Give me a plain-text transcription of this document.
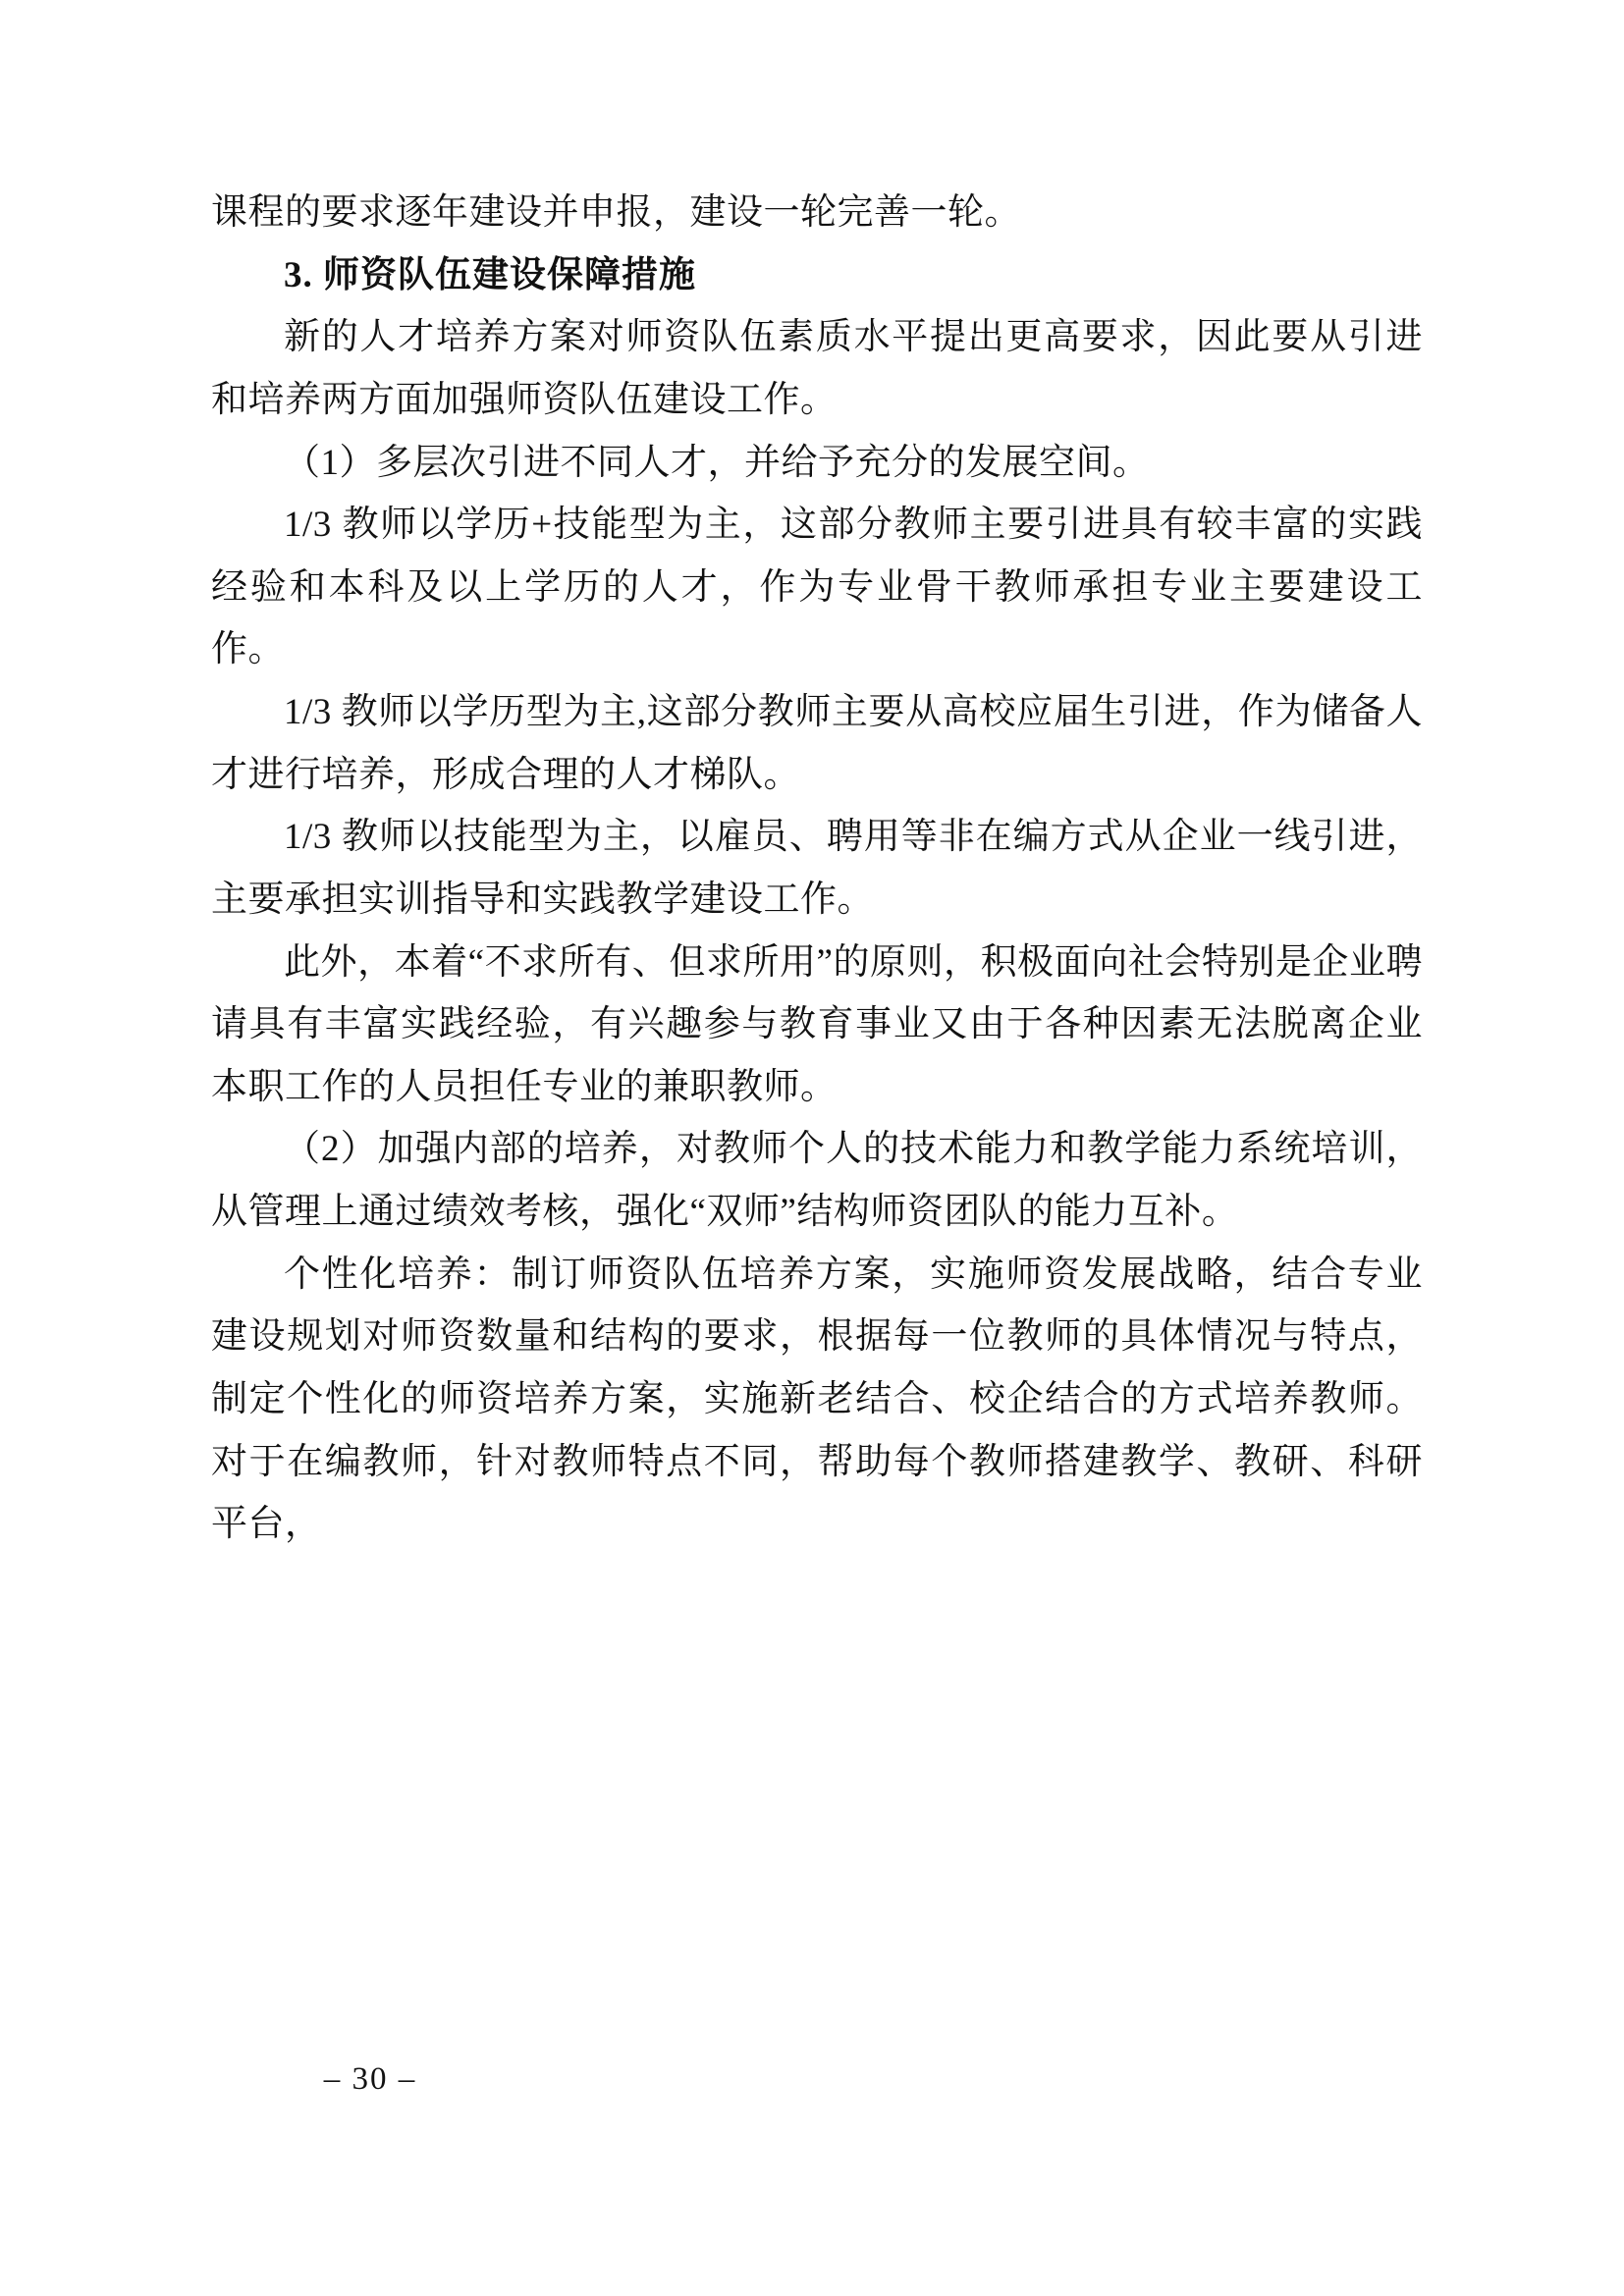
课程的要求逐年建设并申报，建设一轮完善一轮。

3. 师资队伍建设保障措施

新的人才培养方案对师资队伍素质水平提出更高要求，因此要从引进和培养两方面加强师资队伍建设工作。

（1）多层次引进不同人才，并给予充分的发展空间。

1/3 教师以学历+技能型为主，这部分教师主要引进具有较丰富的实践经验和本科及以上学历的人才，作为专业骨干教师承担专业主要建设工作。

1/3 教师以学历型为主,这部分教师主要从高校应届生引进，作为储备人才进行培养，形成合理的人才梯队。

1/3 教师以技能型为主，以雇员、聘用等非在编方式从企业一线引进，主要承担实训指导和实践教学建设工作。

此外，本着“不求所有、但求所用”的原则，积极面向社会特别是企业聘请具有丰富实践经验，有兴趣参与教育事业又由于各种因素无法脱离企业本职工作的人员担任专业的兼职教师。

（2）加强内部的培养，对教师个人的技术能力和教学能力系统培训，从管理上通过绩效考核，强化“双师”结构师资团队的能力互补。

个性化培养：制订师资队伍培养方案，实施师资发展战略，结合专业建设规划对师资数量和结构的要求，根据每一位教师的具体情况与特点，制定个性化的师资培养方案，实施新老结合、校企结合的方式培养教师。对于在编教师，针对教师特点不同，帮助每个教师搭建教学、教研、科研平台，

– 30 –
